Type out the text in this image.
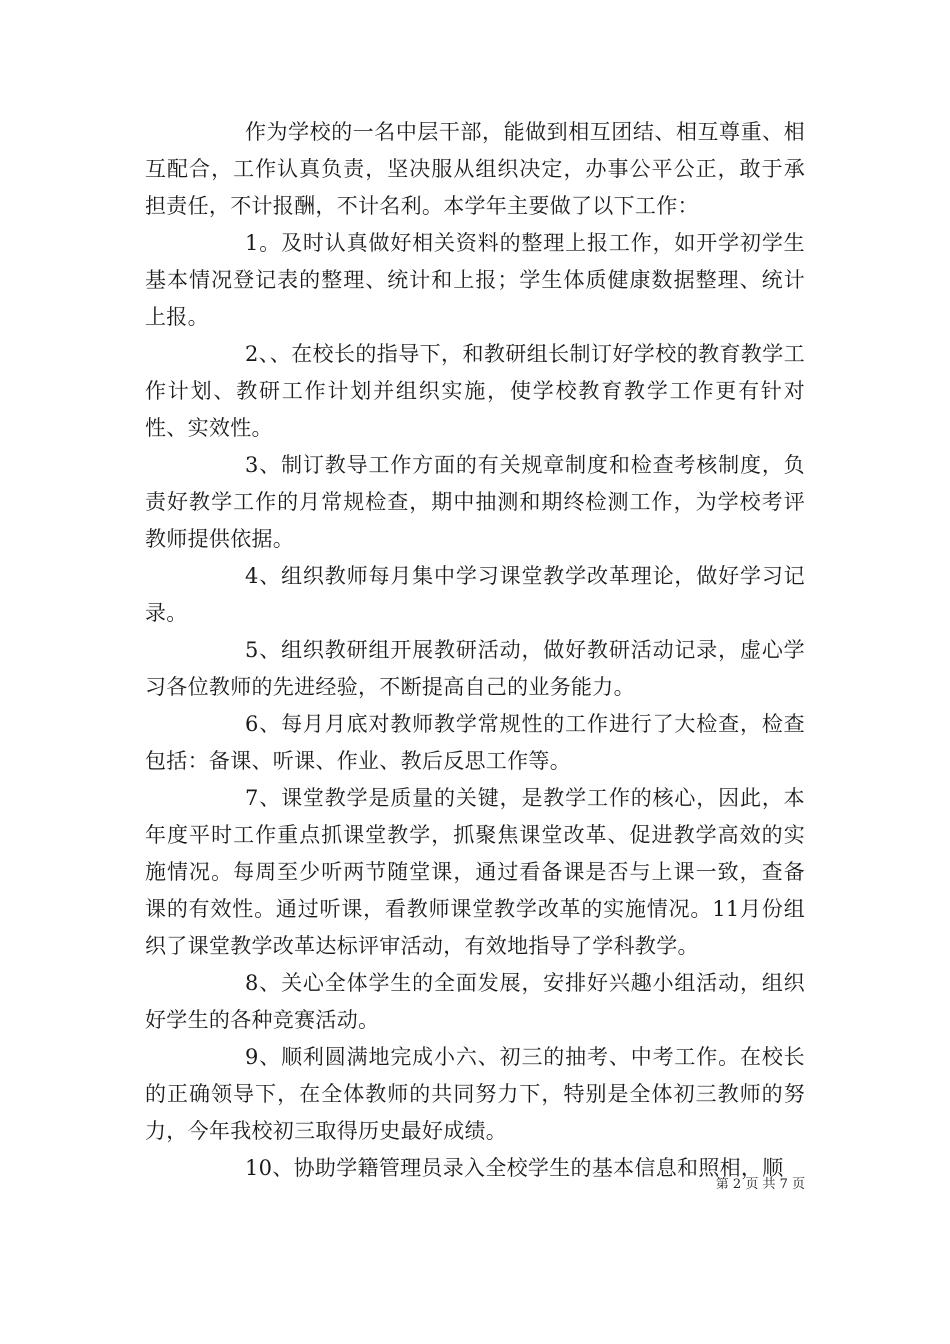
作为学校的一名中层干部，能做到相互团结、相互尊重、相互配合，工作认真负责，坚决服从组织决定，办事公平公正，敢于承担责任，不计报酬，不计名利。本学年主要做了以下工作：

1。及时认真做好相关资料的整理上报工作，如开学初学生基本情况登记表的整理、统计和上报；学生体质健康数据整理、统计上报。

2、、在校长的指导下，和教研组长制订好学校的教育教学工作计划、教研工作计划并组织实施，使学校教育教学工作更有针对性、实效性。

3、制订教导工作方面的有关规章制度和检查考核制度，负责好教学工作的月常规检查，期中抽测和期终检测工作，为学校考评教师提供依据。

4、组织教师每月集中学习课堂教学改革理论，做好学习记录。

5、组织教研组开展教研活动，做好教研活动记录，虚心学习各位教师的先进经验，不断提高自己的业务能力。

6、每月月底对教师教学常规性的工作进行了大检查，检查包括：备课、听课、作业、教后反思工作等。

7、课堂教学是质量的关键，是教学工作的核心，因此，本年度平时工作重点抓课堂教学，抓聚焦课堂改革、促进教学高效的实施情况。每周至少听两节随堂课，通过看备课是否与上课一致，查备课的有效性。通过听课，看教师课堂教学改革的实施情况。11月份组织了课堂教学改革达标评审活动，有效地指导了学科教学。

8、关心全体学生的全面发展，安排好兴趣小组活动，组织好学生的各种竞赛活动。

9、顺利圆满地完成小六、初三的抽考、中考工作。在校长的正确领导下，在全体教师的共同努力下，特别是全体初三教师的努力，今年我校初三取得历史最好成绩。

10、协助学籍管理员录入全校学生的基本信息和照相，顺

第 2 页 共 7 页
